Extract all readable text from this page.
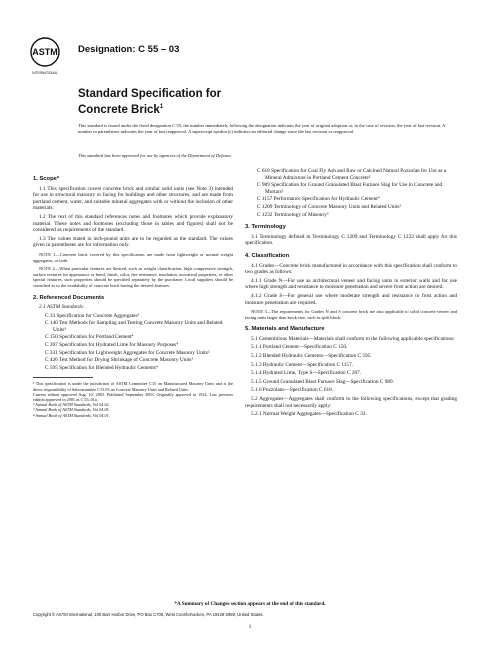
ASTM
INTERNATIONAL
Designation: C 55 – 03
Standard Specification for
Concrete Brick$^1$
This standard is issued under the fixed designation C 55; the number immediately following the designation indicates the year of original adoption or, in the case of revision, the year of last revision. A number in parentheses indicates the year of last reapproval. A superscript epsilon (ε) indicates an editorial change since the last revision or reapproval.
This standard has been approved for use by agencies of the Department of Defense.
1. Scope*
1.1 This specification covers concrete brick and similar solid units (see Note 3) intended for use in structural masonry or facing for buildings and other structures, and are made from portland cement, water, and suitable mineral aggregates with or without the inclusion of other materials.
1.2 The text of this standard references notes and footnotes which provide explanatory material. These notes and footnotes (excluding those in tables and figures) shall not be considered as requirements of the standard.
1.3 The values stated in inch-pound units are to be regarded as the standard. The values given in parentheses are for information only.
NOTE 1—Concrete brick covered by this specification are made from lightweight or normal weight aggregates, or both.
NOTE 2—When particular features are desired, such as weight classification, high compressive strength, surface textures for appearance or bond, finish, color, fire resistance, insulation, acoustical properties, or other special features, such properties should be specified separately by the purchaser. Local suppliers should be consulted as to the availability of concrete brick having the desired features.
2. Referenced Documents
2.1 ASTM Standards:
C 33 Specification for Concrete Aggregates²
C 140 Test Methods for Sampling and Testing Concrete Masonry Units and Related Units³
C 150 Specification for Portland Cement⁴
C 207 Specification for Hydrated Lime for Masonry Purposes⁴
C 331 Specification for Lightweight Aggregates for Concrete Masonry Units²
C 426 Test Method for Drying Shrinkage of Concrete Masonry Units³
C 595 Specification for Blended Hydraulic Cements⁴
¹ This specification is under the jurisdiction of ASTM Committee C15 on Manufactured Masonry Units and is the direct responsibility of Subcommittee C15.03 on Concrete Masonry Units and Related Units.
Current edition approved Aug. 10, 2003. Published September 2003. Originally approved in 1924. Last previous edition approved in 2001 as C 55–01a.
² Annual Book of ASTM Standards, Vol 04.02.
³ Annual Book of ASTM Standards, Vol 04.05.
⁴ Annual Book of ASTM Standards, Vol 04.01.
C 618 Specification for Coal Fly Ash and Raw or Calcined Natural Pozzolan for Use as a Mineral Admixture in Portland Cement Concrete²
C 989 Specification for Ground Granulated Blast Furnace Slag for Use in Concrete and Mortars²
C 1157 Performance Specification for Hydraulic Cement⁴
C 1209 Terminology of Concrete Masonry Units and Related Units³
C 1232 Terminology of Masonry³
3. Terminology
3.1 Terminology defined in Terminology C 1209 and Terminology C 1232 shall apply for this specification.
4. Classification
4.1 Grades—Concrete brick manufactured in accordance with this specification shall conform to two grades as follows:
4.1.1 Grade N—For use as architectural veneer and facing units in exterior walls and for use where high strength and resistance to moisture penetration and severe frost action are desired.
4.1.2 Grade S—For general use where moderate strength and resistance to frost action and moisture penetration are required.
NOTE 3—The requirements for Grades N and S concrete brick are also applicable to solid concrete veneer and facing units larger than brick size, such as split block.
5. Materials and Manufacture
5.1 Cementitious Materials—Materials shall conform to the following applicable specifications:
5.1.1 Portland Cement—Specification C 150.
5.1.2 Blended Hydraulic Cements—Specification C 595.
5.1.3 Hydraulic Cement—Specification C 1157.
5.1.4 Hydrated Lime, Type S—Specification C 207.
5.1.5 Ground Granulated Blast Furnace Slag—Specification C 989.
5.1.6 Pozzolans—Specification C 618.
5.2 Aggregates—Aggregates shall conform to the following specifications, except that grading requirements shall not necessarily apply:
5.2.1 Normal Weight Aggregates—Specification C 33.
*A Summary of Changes section appears at the end of this standard.
Copyright © ASTM International, 100 Barr Harbor Drive, PO Box C700, West Conshohocken, PA 19428-2959, United States.
1
